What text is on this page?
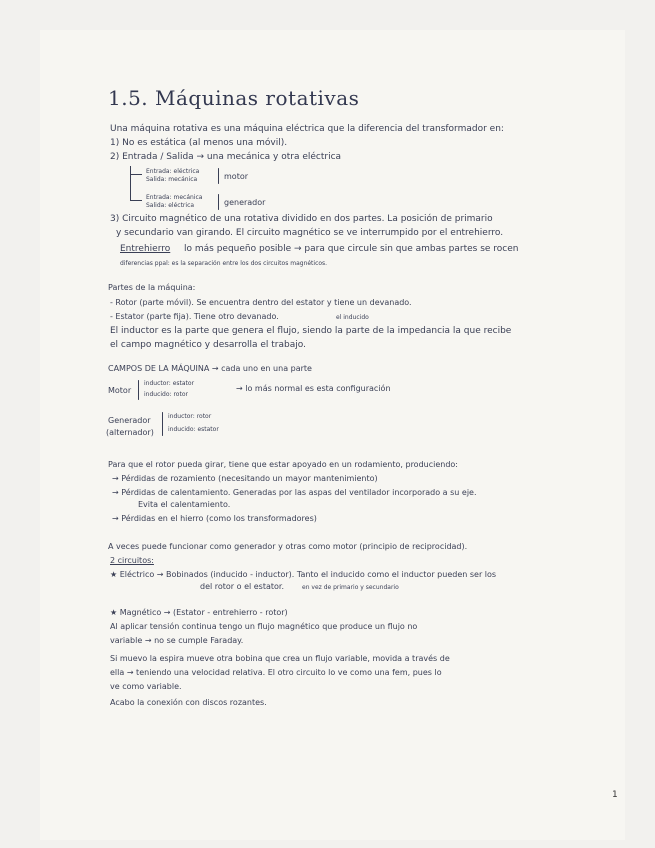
1.5. Máquinas rotativas
Una máquina rotativa es una máquina eléctrica que la diferencia del transformador en:
1) No es estática (al menos una móvil).
2) Entrada / Salida → una mecánica y otra eléctrica
Entrada: eléctrica
Salida: mecánica	motor
Entrada: mecánica
Salida: eléctrica	generador
3) Circuito magnético de una rotativa dividido en dos partes. La posición de primario
y secundario van girando. El circuito magnético se ve interrumpido por el entrehierro.
Entrehierro lo más pequeño posible → para que circule sin que ambas partes se rocen
diferencias ppal: es la separación entre los dos circuitos magnéticos.
Partes de la máquina:
- Rotor (parte móvil). Se encuentra dentro del estator y tiene un devanado.
- Estator (parte fija). Tiene otro devanado.	el inducido
El inductor es la parte que genera el flujo, siendo la parte de la impedancia la que recibe
el campo magnético y desarrolla el trabajo.
CAMPOS DE LA MÁQUINA → cada uno en una parte
Motor
inductor: estator
inducido: rotor
→ lo más normal es esta configuración
Generador
(alternador)
inductor: rotor
inducido: estator
Para que el rotor pueda girar, tiene que estar apoyado en un rodamiento, produciendo:
→ Pérdidas de rozamiento (necesitando un mayor mantenimiento)
→ Pérdidas de calentamiento. Generadas por las aspas del ventilador incorporado a su eje.
Evita el calentamiento.
→ Pérdidas en el hierro (como los transformadores)
A veces puede funcionar como generador y otras como motor (principio de reciprocidad).
2 circuitos:
★ Eléctrico → Bobinados (inducido - inductor). Tanto el inducido como el inductor pueden ser los
del rotor o el estator.	en vez de primario y secundario
★ Magnético → (Estator - entrehierro - rotor)
Al aplicar tensión continua tengo un flujo magnético que produce un flujo no
variable → no se cumple Faraday.
Si muevo la espira mueve otra bobina que crea un flujo variable, movida a través de
ella → teniendo una velocidad relativa. El otro circuito lo ve como una fem, pues lo
ve como variable.
Acabo la conexión con discos rozantes.
1
